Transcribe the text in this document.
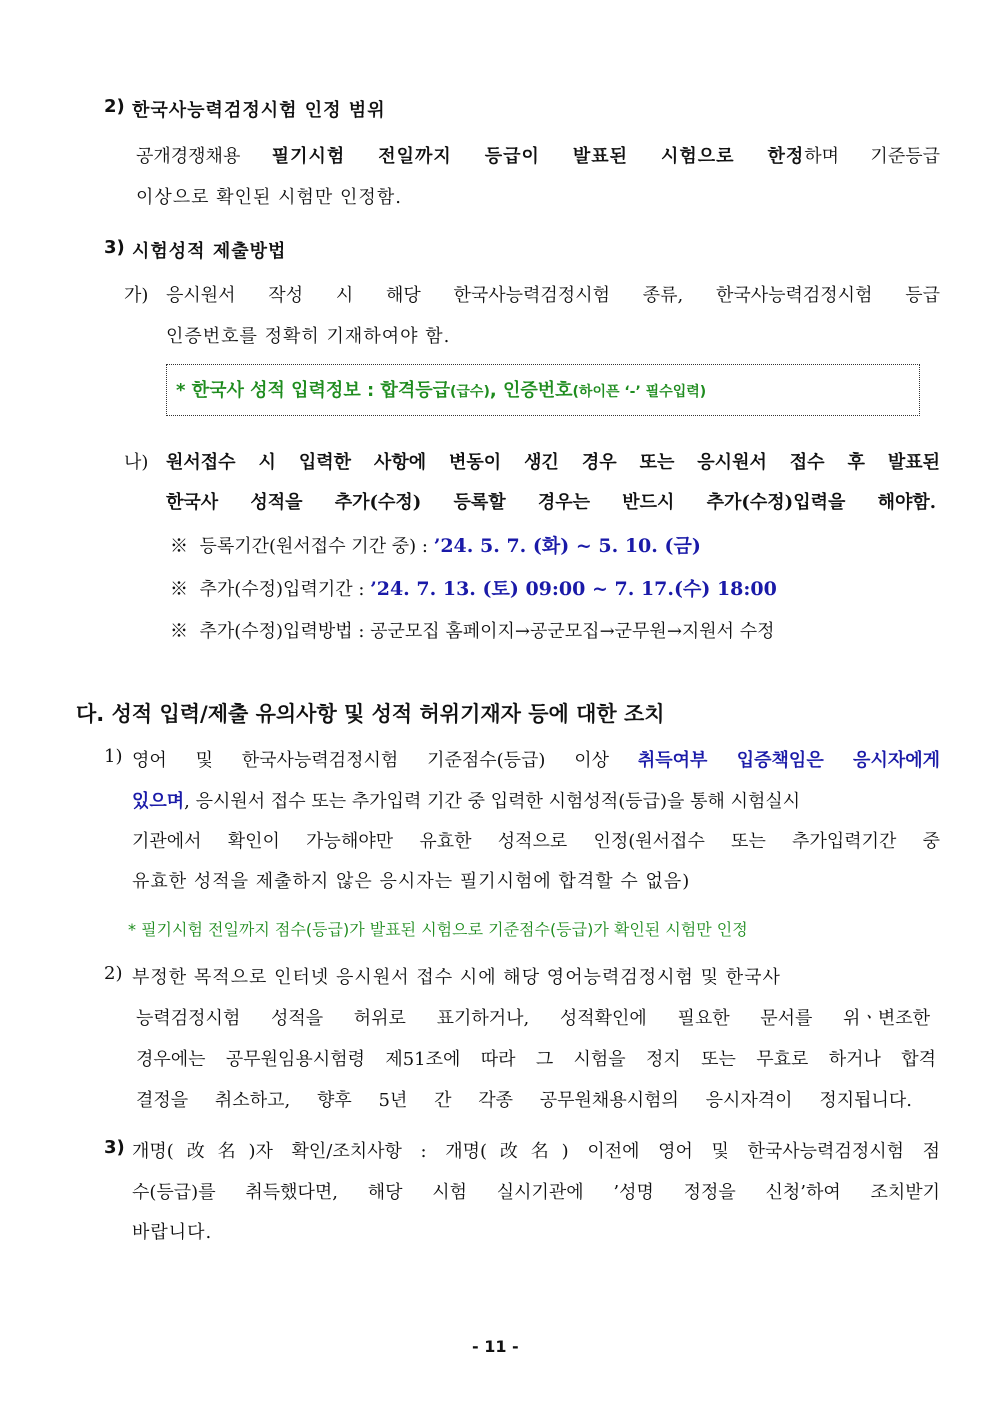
2) 한국사능력검정시험 인정 범위
공개경쟁채용 필기시험 전일까지 등급이 발표된 시험으로 한정하며 기준등급
이상으로 확인된 시험만 인정함.
3) 시험성적 제출방법
가) 응시원서 작성 시 해당 한국사능력검정시험 종류, 한국사능력검정시험 등급
인증번호를 정확히 기재하여야 함.
* 한국사 성적 입력정보 : 합격등급(급수), 인증번호(하이픈 ‘-’ 필수입력)
나) 원서접수 시 입력한 사항에 변동이 생긴 경우 또는 응시원서 접수 후 발표된
한국사 성적을 추가(수정) 등록할 경우는 반드시 추가(수정)입력을 해야함.
※ 등록기간(원서접수 기간 중) : ’24. 5. 7. (화) ~ 5. 10. (금)
※ 추가(수정)입력기간 : ’24. 7. 13. (토) 09:00 ~ 7. 17.(수) 18:00
※ 추가(수정)입력방법 : 공군모집 홈페이지→공군모집→군무원→지원서 수정
다. 성적 입력/제출 유의사항 및 성적 허위기재자 등에 대한 조치
1) 영어 및 한국사능력검정시험 기준점수(등급) 이상 취득여부 입증책임은 응시자에게
있으며, 응시원서 접수 또는 추가입력 기간 중 입력한 시험성적(등급)을 통해 시험실시
기관에서 확인이 가능해야만 유효한 성적으로 인정(원서접수 또는 추가입력기간 중
유효한 성적을 제출하지 않은 응시자는 필기시험에 합격할 수 없음)
* 필기시험 전일까지 점수(등급)가 발표된 시험으로 기준점수(등급)가 확인된 시험만 인정
2) 부정한 목적으로 인터넷 응시원서 접수 시에 해당 영어능력검정시험 및 한국사
능력검정시험 성적을 허위로 표기하거나, 성적확인에 필요한 문서를 위ㆍ변조한
경우에는 공무원임용시험령 제51조에 따라 그 시험을 정지 또는 무효로 하거나 합격
결정을 취소하고, 향후 5년 간 각종 공무원채용시험의 응시자격이 정지됩니다.
3) 개명(改名)자 확인/조치사항 : 개명(改名) 이전에 영어 및 한국사능력검정시험 점
수(등급)를 취득했다면, 해당 시험 실시기관에 ’성명 정정을 신청’하여 조치받기
바랍니다.
- 11 -
